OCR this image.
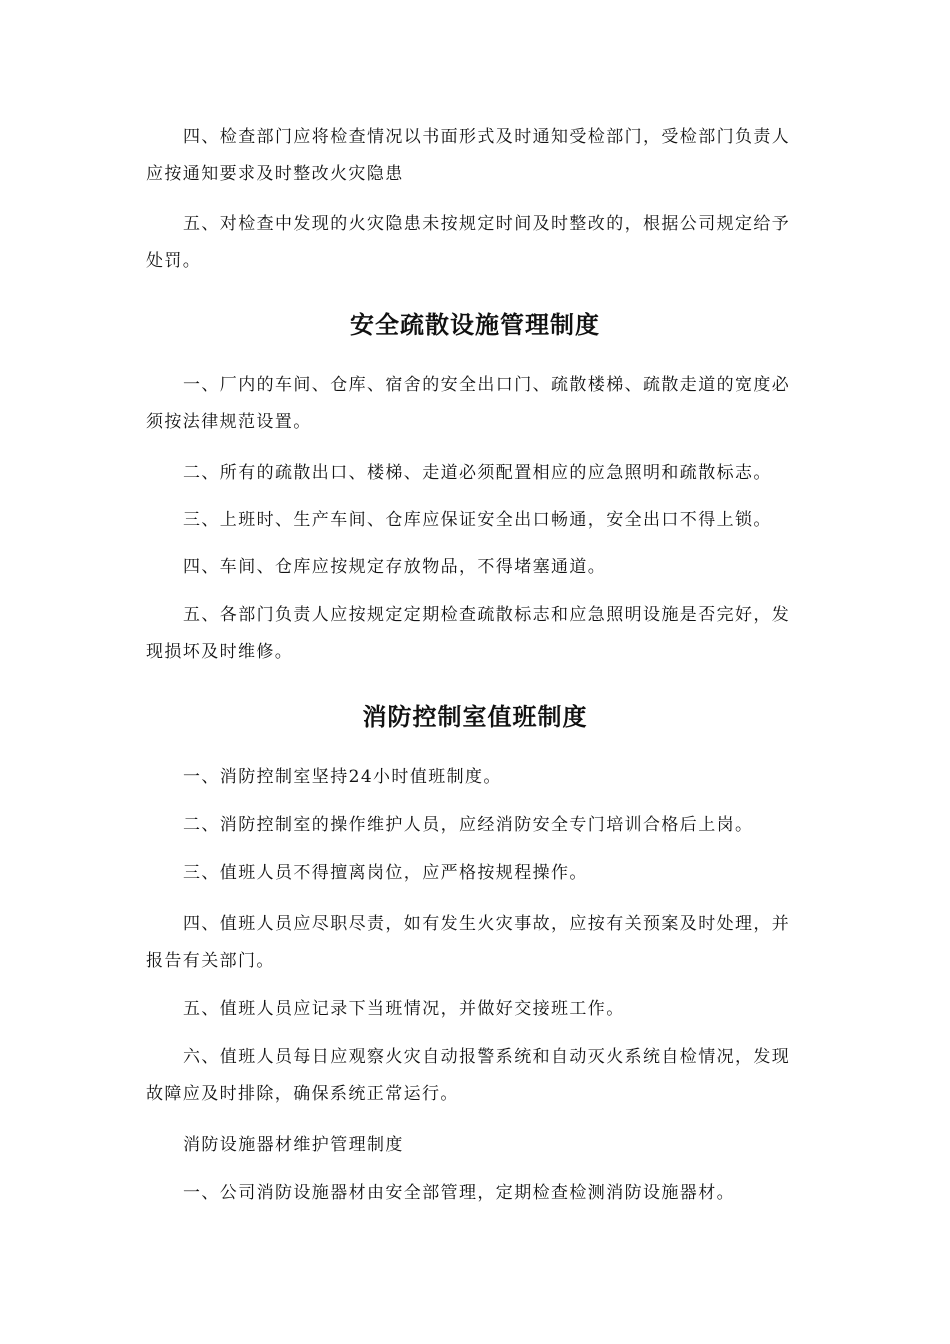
四、检查部门应将检查情况以书面形式及时通知受检部门，受检部门负责人应按通知要求及时整改火灾隐患

五、对检查中发现的火灾隐患未按规定时间及时整改的，根据公司规定给予处罚。

安全疏散设施管理制度

一、厂内的车间、仓库、宿舍的安全出口门、疏散楼梯、疏散走道的宽度必须按法律规范设置。

二、所有的疏散出口、楼梯、走道必须配置相应的应急照明和疏散标志。

三、上班时、生产车间、仓库应保证安全出口畅通，安全出口不得上锁。

四、车间、仓库应按规定存放物品，不得堵塞通道。

五、各部门负责人应按规定定期检查疏散标志和应急照明设施是否完好，发现损坏及时维修。

消防控制室值班制度

一、消防控制室坚持24小时值班制度。

二、消防控制室的操作维护人员，应经消防安全专门培训合格后上岗。

三、值班人员不得擅离岗位，应严格按规程操作。

四、值班人员应尽职尽责，如有发生火灾事故，应按有关预案及时处理，并报告有关部门。

五、值班人员应记录下当班情况，并做好交接班工作。

六、值班人员每日应观察火灾自动报警系统和自动灭火系统自检情况，发现故障应及时排除，确保系统正常运行。

消防设施器材维护管理制度

一、公司消防设施器材由安全部管理，定期检查检测消防设施器材。
